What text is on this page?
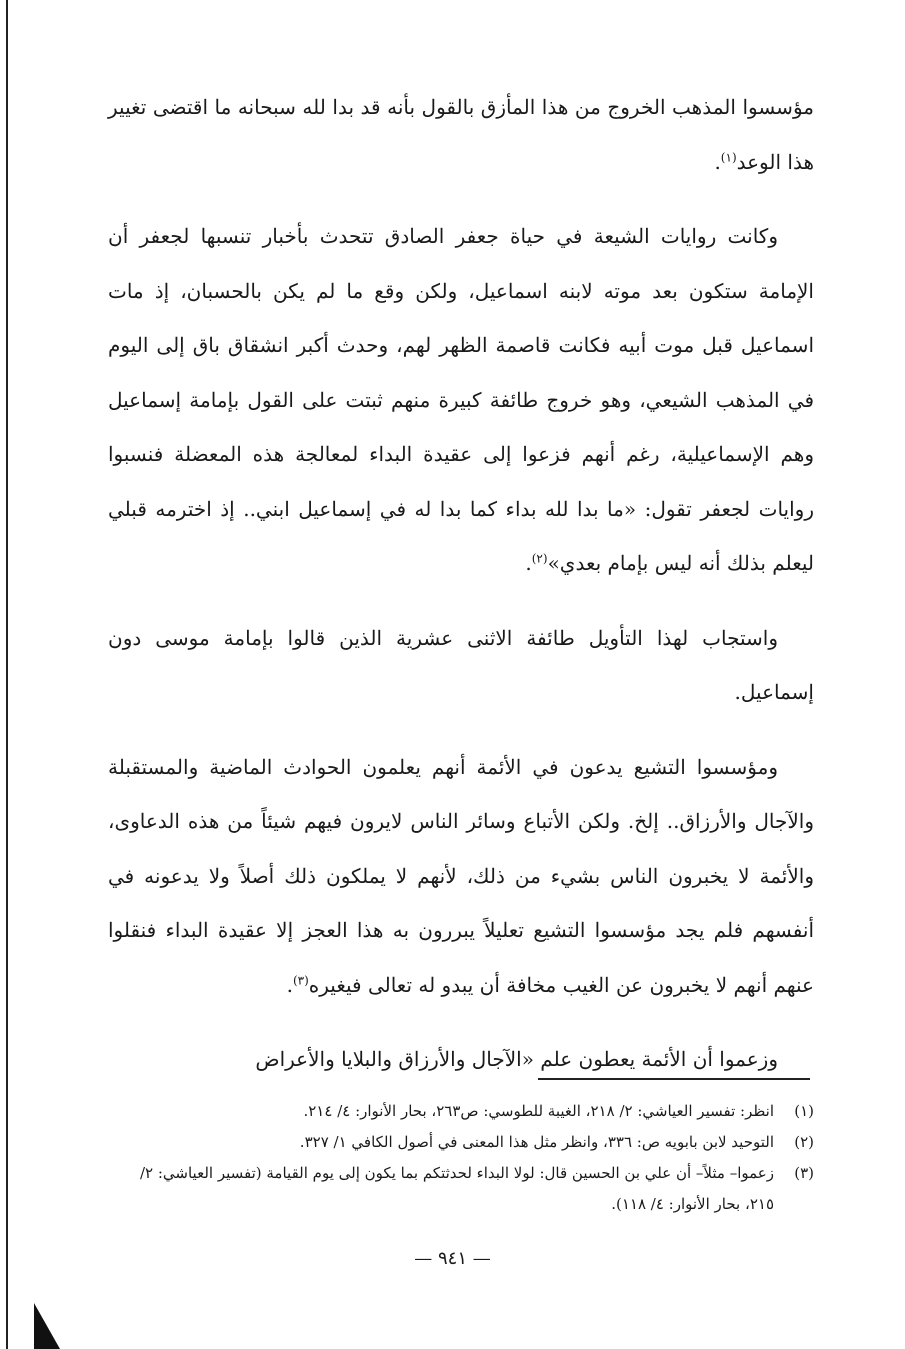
مؤسسوا المذهب الخروج من هذا المأزق بالقول بأنه قد بدا لله سبحانه ما اقتضى تغيير هذا الوعد$^{(١)}$.

وكانت روايات الشيعة في حياة جعفر الصادق تتحدث بأخبار تنسبها لجعفر أن الإمامة ستكون بعد موته لابنه اسماعيل، ولكن وقع ما لم يكن بالحسبان، إذ مات اسماعيل قبل موت أبيه فكانت قاصمة الظهر لهم، وحدث أكبر انشقاق باق إلى اليوم في المذهب الشيعي، وهو خروج طائفة كبيرة منهم ثبتت على القول بإمامة إسماعيل وهم الإسماعيلية، رغم أنهم فزعوا إلى عقيدة البداء لمعالجة هذه المعضلة فنسبوا روايات لجعفر تقول: «ما بدا لله بداء كما بدا له في إسماعيل ابني.. إذ اخترمه قبلي ليعلم بذلك أنه ليس بإمام بعدي»$^{(٢)}$.

واستجاب لهذا التأويل طائفة الاثنى عشرية الذين قالوا بإمامة موسى دون إسماعيل.

ومؤسسوا التشيع يدعون في الأئمة أنهم يعلمون الحوادث الماضية والمستقبلة والآجال والأرزاق.. إلخ. ولكن الأتباع وسائر الناس لايرون فيهم شيئاً من هذه الدعاوى، والأئمة لا يخبرون الناس بشيء من ذلك، لأنهم لا يملكون ذلك أصلاً ولا يدعونه في أنفسهم فلم يجد مؤسسوا التشيع تعليلاً يبررون به هذا العجز إلا عقيدة البداء فنقلوا عنهم أنهم لا يخبرون عن الغيب مخافة أن يبدو له تعالى فيغيره$^{(٣)}$.

وزعموا أن الأئمة يعطون علم «الآجال والأرزاق والبلايا والأعراض

(١)
انظر: تفسير العياشي: ٢/ ٢١٨، الغيبة للطوسي: ص٢٦٣، بحار الأنوار: ٤/ ٢١٤.
(٢)
التوحيد لابن بابويه ص: ٣٣٦، وانظر مثل هذا المعنى في أصول الكافي ١/ ٣٢٧.
(٣)
زعموا– مثلاً– أن علي بن الحسين قال: لولا البداء لحدثتكم بما يكون إلى يوم القيامة (تفسير العياشي: ٢/ ٢١٥، بحار الأنوار: ٤/ ١١٨).
— ٩٤١ —
